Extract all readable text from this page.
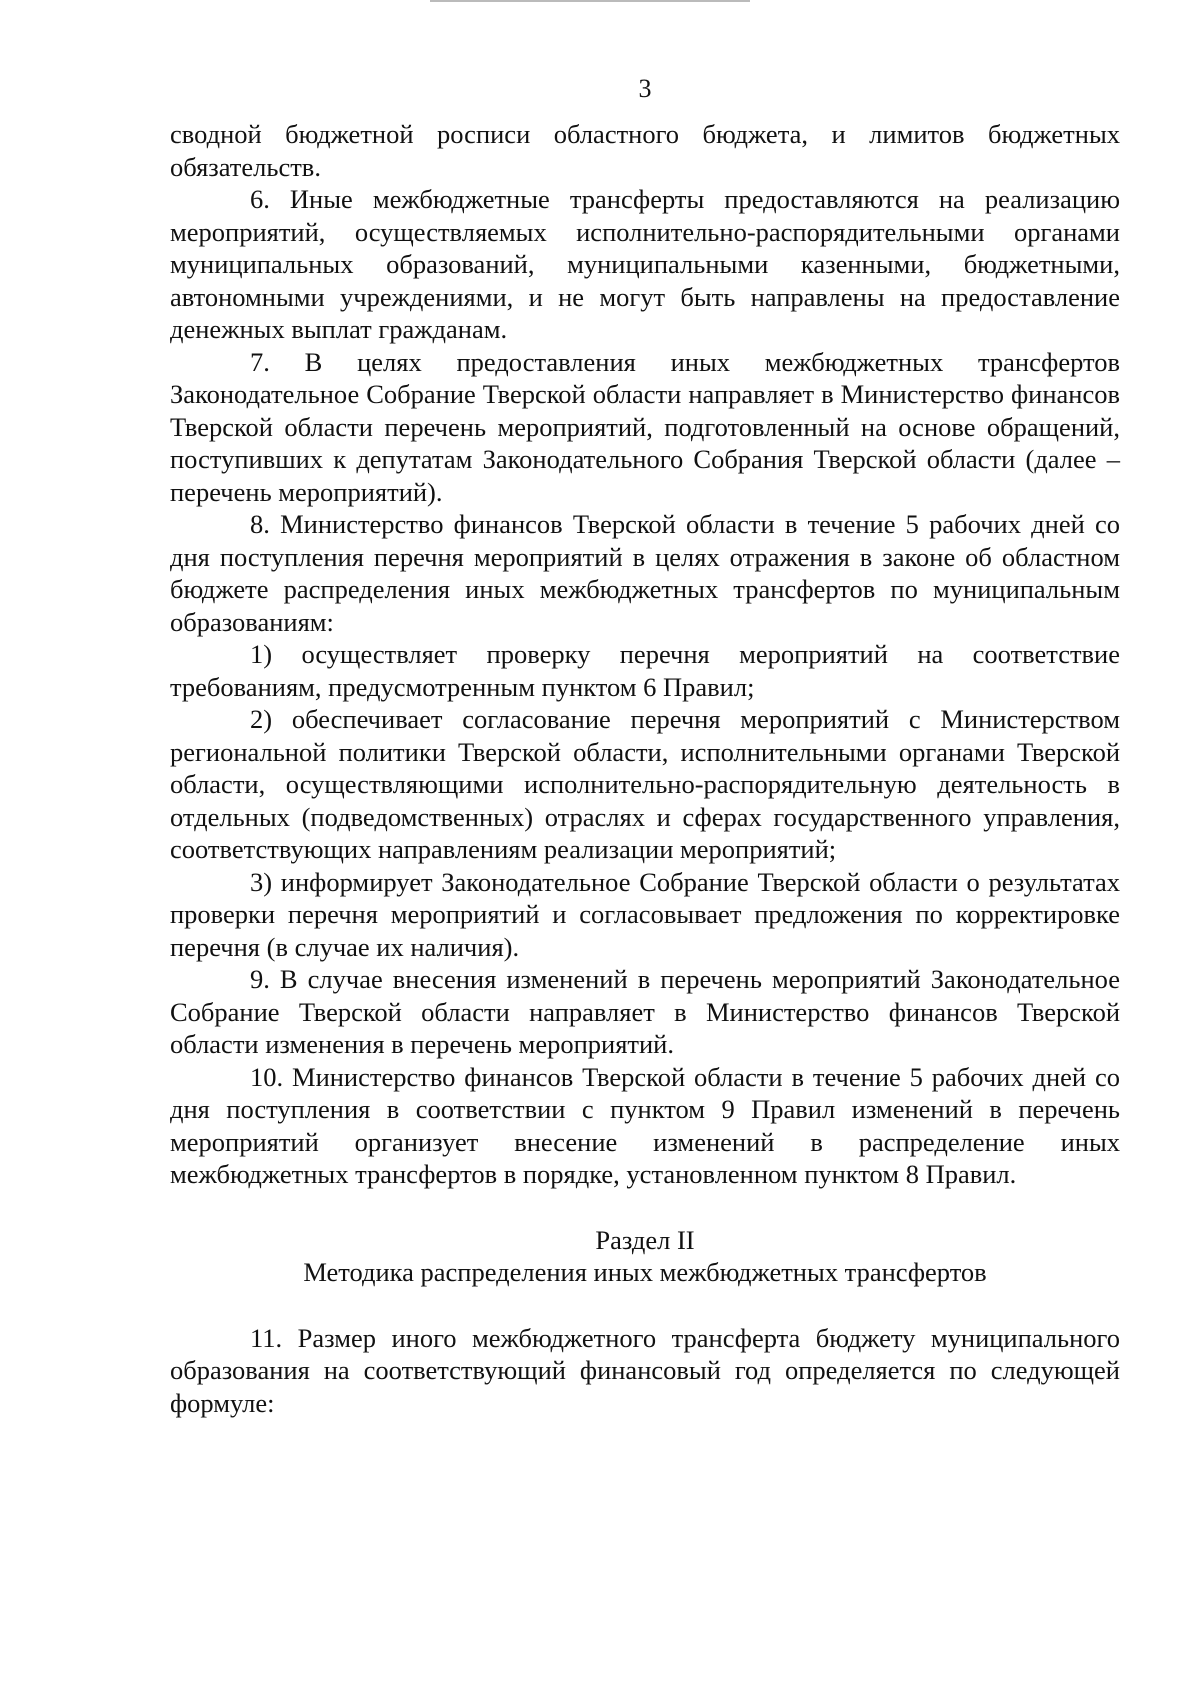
3

сводной бюджетной росписи областного бюджета, и лимитов бюджетных обязательств.

6. Иные межбюджетные трансферты предоставляются на реализацию мероприятий, осуществляемых исполнительно-распорядительными органами муниципальных образований, муниципальными казенными, бюджетными, автономными учреждениями, и не могут быть направлены на предоставление денежных выплат гражданам.

7. В целях предоставления иных межбюджетных трансфертов Законодательное Собрание Тверской области направляет в Министерство финансов Тверской области перечень мероприятий, подготовленный на основе обращений, поступивших к депутатам Законодательного Собрания Тверской области (далее – перечень мероприятий).

8. Министерство финансов Тверской области в течение 5 рабочих дней со дня поступления перечня мероприятий в целях отражения в законе об областном бюджете распределения иных межбюджетных трансфертов по муниципальным образованиям:

1) осуществляет проверку перечня мероприятий на соответствие требованиям, предусмотренным пунктом 6 Правил;

2) обеспечивает согласование перечня мероприятий с Министерством региональной политики Тверской области, исполнительными органами Тверской области, осуществляющими исполнительно-распорядительную деятельность в отдельных (подведомственных) отраслях и сферах государственного управления, соответствующих направлениям реализации мероприятий;

3) информирует Законодательное Собрание Тверской области о результатах проверки перечня мероприятий и согласовывает предложения по корректировке перечня (в случае их наличия).

9. В случае внесения изменений в перечень мероприятий Законодательное Собрание Тверской области направляет в Министерство финансов Тверской области изменения в перечень мероприятий.

10. Министерство финансов Тверской области в течение 5 рабочих дней со дня поступления в соответствии с пунктом 9 Правил изменений в перечень мероприятий организует внесение изменений в распределение иных межбюджетных трансфертов в порядке, установленном пунктом 8 Правил.

Раздел II

Методика распределения иных межбюджетных трансфертов

11. Размер иного межбюджетного трансферта бюджету муниципального образования на соответствующий финансовый год определяется по следующей формуле:
